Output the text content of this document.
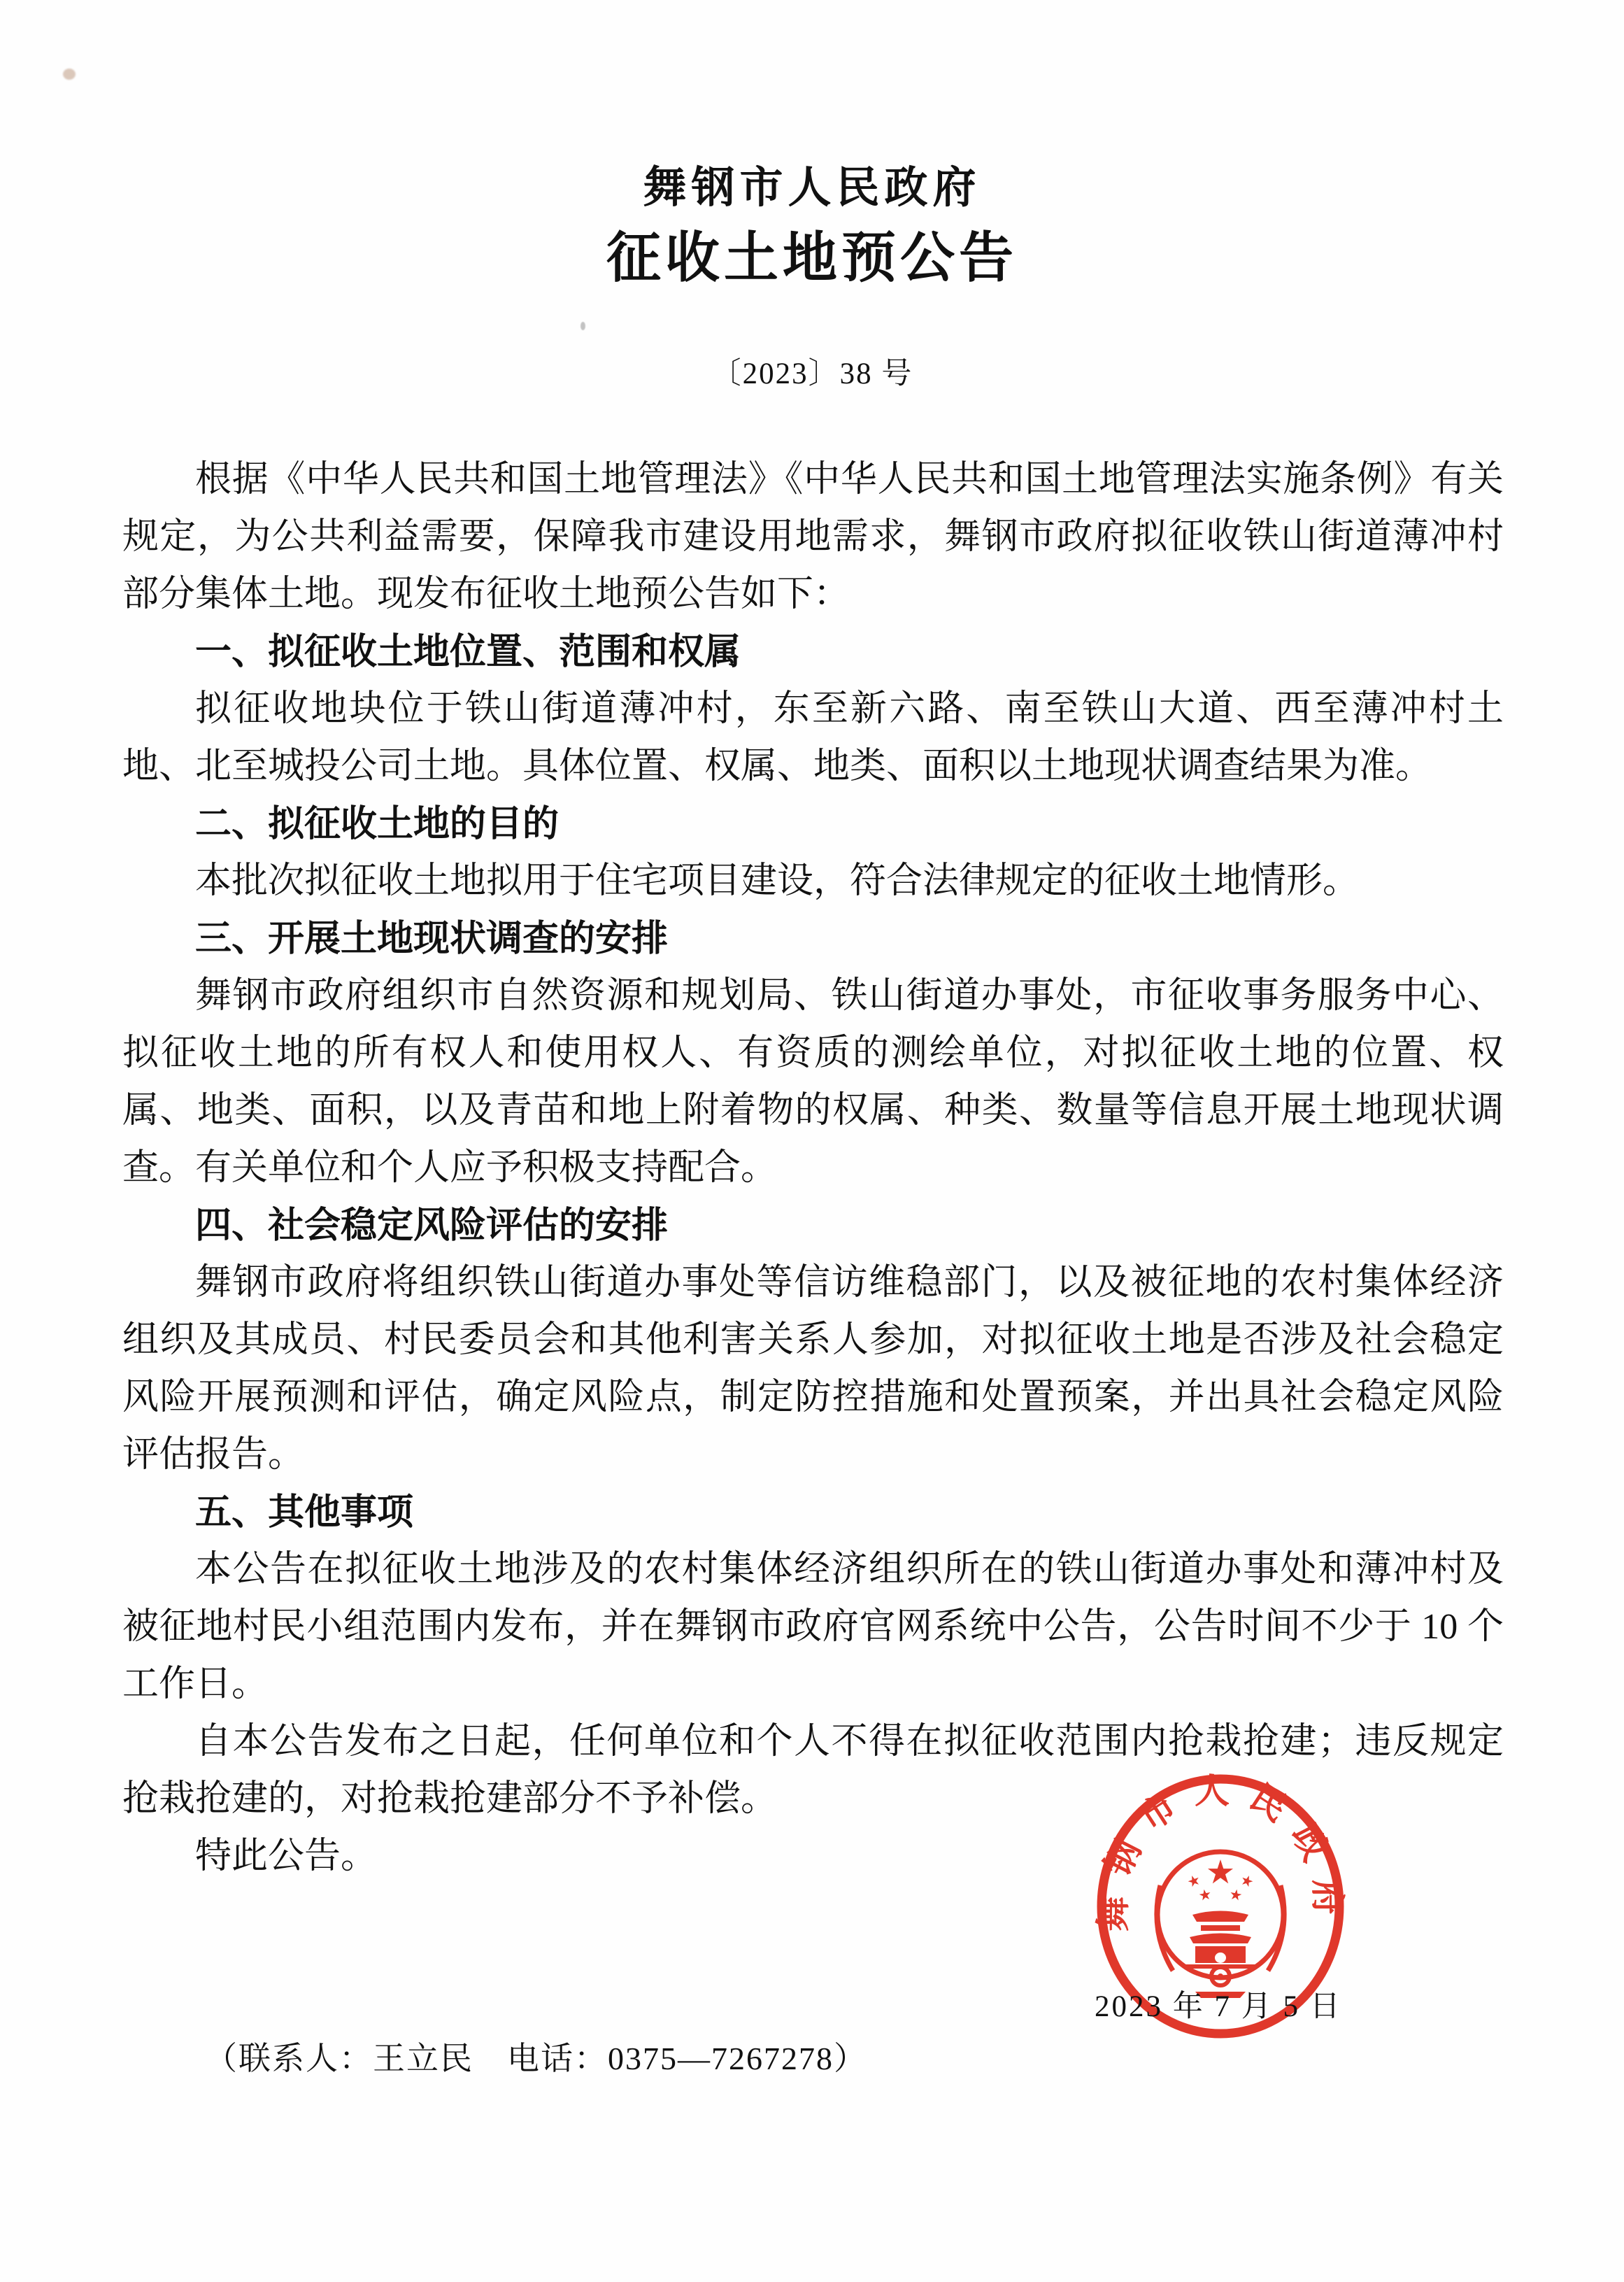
舞钢市人民政府
征收土地预公告
〔2023〕38 号

根据《中华人民共和国土地管理法》《中华人民共和国土地管理法实施条例》有关规定，为公共利益需要，保障我市建设用地需求，舞钢市政府拟征收铁山街道薄冲村部分集体土地。现发布征收土地预公告如下：

一、拟征收土地位置、范围和权属

拟征收地块位于铁山街道薄冲村，东至新六路、南至铁山大道、西至薄冲村土地、北至城投公司土地。具体位置、权属、地类、面积以土地现状调查结果为准。

二、拟征收土地的目的

本批次拟征收土地拟用于住宅项目建设，符合法律规定的征收土地情形。

三、开展土地现状调查的安排

舞钢市政府组织市自然资源和规划局、铁山街道办事处，市征收事务服务中心、拟征收土地的所有权人和使用权人、有资质的测绘单位，对拟征收土地的位置、权属、地类、面积，以及青苗和地上附着物的权属、种类、数量等信息开展土地现状调查。有关单位和个人应予积极支持配合。

四、社会稳定风险评估的安排

舞钢市政府将组织铁山街道办事处等信访维稳部门，以及被征地的农村集体经济组织及其成员、村民委员会和其他利害关系人参加，对拟征收土地是否涉及社会稳定风险开展预测和评估，确定风险点，制定防控措施和处置预案，并出具社会稳定风险评估报告。

五、其他事项

本公告在拟征收土地涉及的农村集体经济组织所在的铁山街道办事处和薄冲村及被征地村民小组范围内发布，并在舞钢市政府官网系统中公告，公告时间不少于 10 个工作日。

自本公告发布之日起，任何单位和个人不得在拟征收范围内抢栽抢建；违反规定抢栽抢建的，对抢栽抢建部分不予补偿。

特此公告。

舞钢市人民政府
2023 年 7 月 5 日
（联系人：王立民　电话：0375—7267278）
